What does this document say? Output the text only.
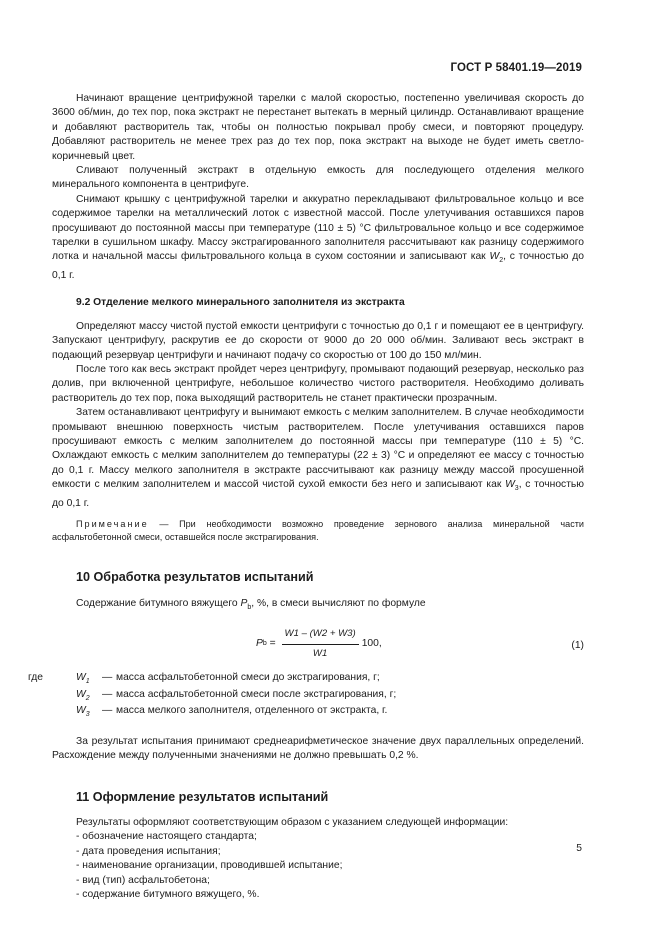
ГОСТ Р 58401.19—2019

Начинают вращение центрифужной тарелки с малой скоростью, постепенно увеличивая скорость до 3600 об/мин, до тех пор, пока экстракт не перестанет вытекать в мерный цилиндр. Останавливают вращение и добавляют растворитель так, чтобы он полностью покрывал пробу смеси, и повторяют процедуру. Добавляют растворитель не менее трех раз до тех пор, пока экстракт на выходе не будет иметь светло-коричневый цвет.

Сливают полученный экстракт в отдельную емкость для последующего отделения мелкого минерального компонента в центрифуге.

Снимают крышку с центрифужной тарелки и аккуратно перекладывают фильтровальное кольцо и все содержимое тарелки на металлический лоток с известной массой. После улетучивания оставшихся паров просушивают до постоянной массы при температуре (110 ± 5) °С фильтровальное кольцо и все содержимое тарелки в сушильном шкафу. Массу экстрагированного заполнителя рассчитывают как разницу содержимого лотка и начальной массы фильтровального кольца в сухом состоянии и записывают как $W_2$, с точностью до 0,1 г.

9.2 Отделение мелкого минерального заполнителя из экстракта

Определяют массу чистой пустой емкости центрифуги с точностью до 0,1 г и помещают ее в центрифугу. Запускают центрифугу, раскрутив ее до скорости от 9000 до 20 000 об/мин. Заливают весь экстракт в подающий резервуар центрифуги и начинают подачу со скоростью от 100 до 150 мл/мин.

После того как весь экстракт пройдет через центрифугу, промывают подающий резервуар, несколько раз долив, при включенной центрифуге, небольшое количество чистого растворителя. Необходимо доливать растворитель до тех пор, пока выходящий растворитель не станет практически прозрачным.

Затем останавливают центрифугу и вынимают емкость с мелким заполнителем. В случае необходимости промывают внешнюю поверхность чистым растворителем. После улетучивания оставшихся паров просушивают емкость с мелким заполнителем до постоянной массы при температуре (110 ± 5) °С. Охлаждают емкость с мелким заполнителем до температуры (22 ± 3) °С и определяют ее массу с точностью до 0,1 г. Массу мелкого заполнителя в экстракте рассчитывают как разницу между массой просушенной емкости с мелким заполнителем и массой чистой сухой емкости без него и записывают как $W_3$, с точностью до 0,1 г.

Примечание — При необходимости возможно проведение зернового анализа минеральной части асфальтобетонной смеси, оставшейся после экстрагирования.

10 Обработка результатов испытаний

Содержание битумного вяжущего $P_b$, %, в смеси вычисляют по формуле

P $b = \frac{W1 - (W2 + W3)}{W1} 100$,	(1)
где	$W_1$	— масса асфальтобетонной смеси до экстрагирования, г;
$W_2$	— масса асфальтобетонной смеси после экстрагирования, г;
$W_3$	— масса мелкого заполнителя, отделенного от экстракта, г.

За результат испытания принимают среднеарифметическое значение двух параллельных определений. Расхождение между полученными значениями не должно превышать 0,2 %.

11 Оформление результатов испытаний

Результаты оформляют соответствующим образом с указанием следующей информации:

- обозначение настоящего стандарта;
- дата проведения испытания;
- наименование организации, проводившей испытание;
- вид (тип) асфальтобетона;
- содержание битумного вяжущего, %.
5
